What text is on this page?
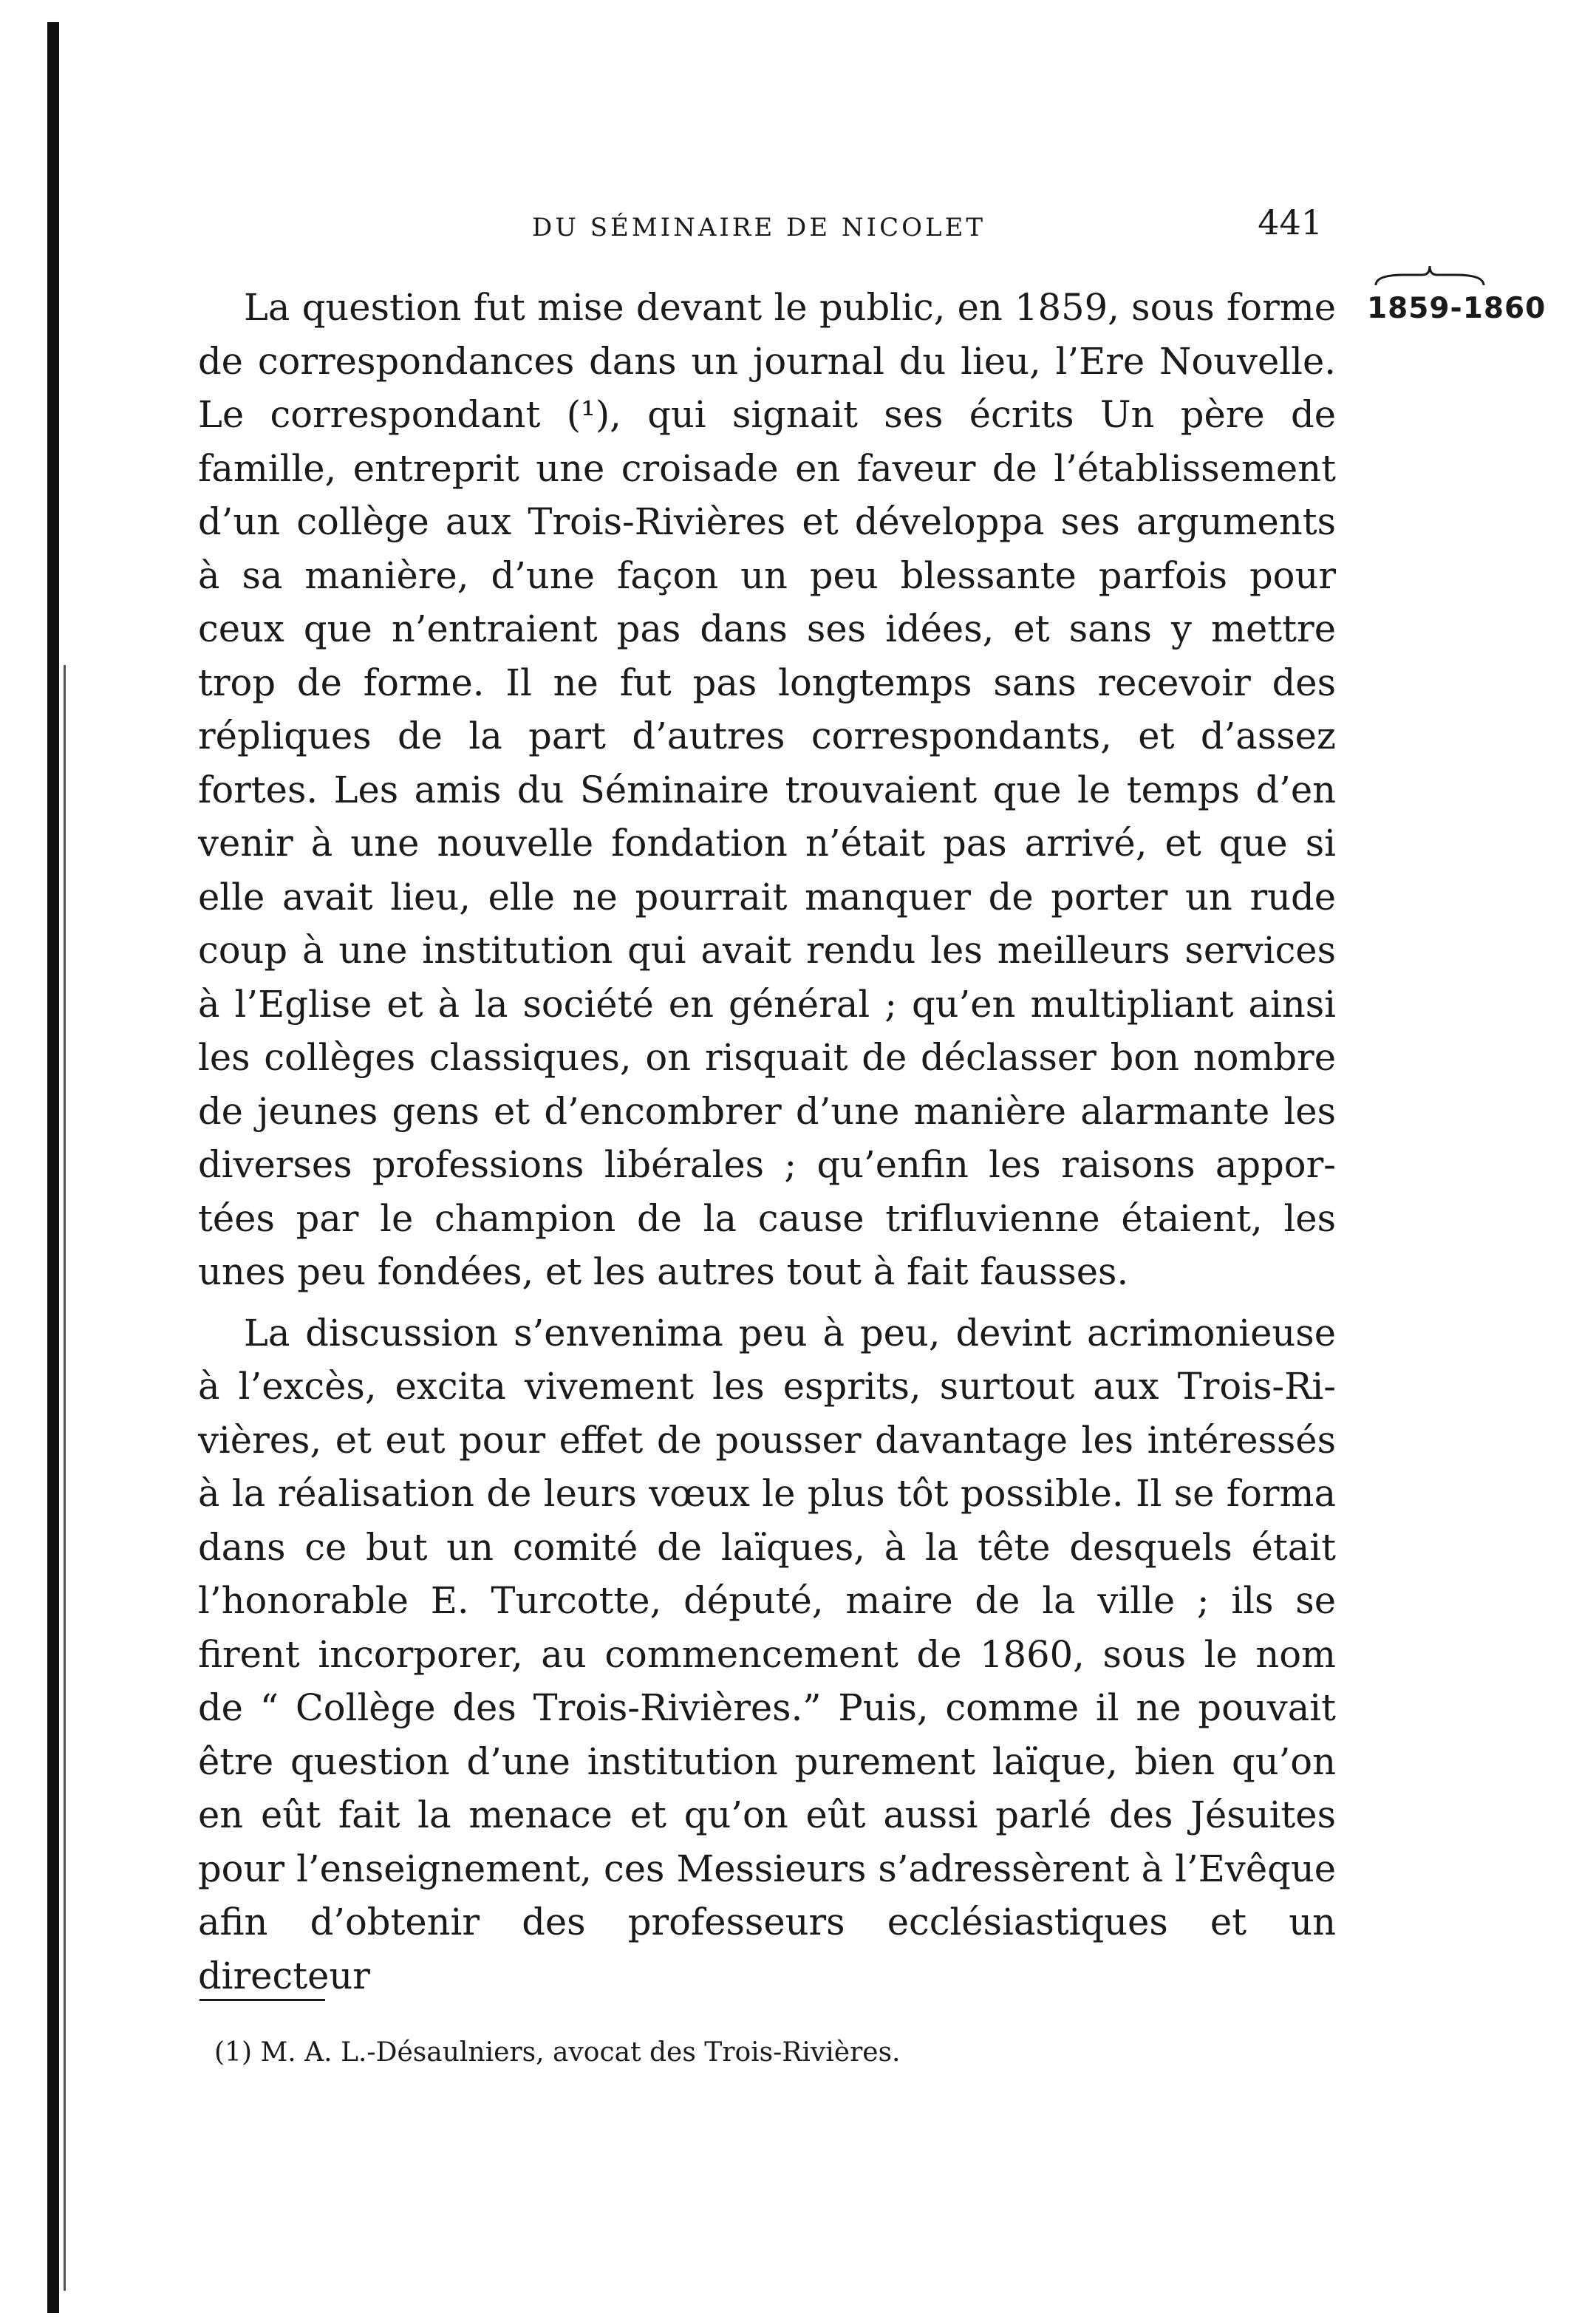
DU SÉMINAIRE DE NICOLET	441
1859-1860

La question fut mise devant le public, en 1859, sous forme de correspondances dans un journal du lieu, l’Ere Nouvelle. Le correspondant (¹), qui signait ses écrits Un père de famille, entreprit une croisade en faveur de l’établissement d’un collège aux Trois-Rivières et développa ses arguments à sa manière, d’une façon un peu blessante parfois pour ceux que n’entraient pas dans ses idées, et sans y mettre trop de forme. Il ne fut pas longtemps sans recevoir des répliques de la part d’autres correspondants, et d’assez fortes. Les amis du Séminaire trouvaient que le temps d’en venir à une nouvelle fondation n’était pas arrivé, et que si elle avait lieu, elle ne pourrait manquer de porter un rude coup à une institution qui avait rendu les meilleurs services à l’Eglise et à la société en général ; qu’en multipliant ainsi les collèges classiques, on risquait de déclasser bon nombre de jeunes gens et d’encombrer d’une manière alarmante les diverses professions libérales ; qu’enfin les raisons apportées par le champion de la cause trifluvienne étaient, les unes peu fondées, et les autres tout à fait fausses.

La discussion s’envenima peu à peu, devint acrimonieuse à l’excès, excita vivement les esprits, surtout aux Trois-Rivières, et eut pour effet de pousser davantage les intéressés à la réalisation de leurs vœux le plus tôt possible. Il se forma dans ce but un comité de laïques, à la tête desquels était l’honorable E. Turcotte, député, maire de la ville ; ils se firent incorporer, au commencement de 1860, sous le nom de “ Collège des Trois-Rivières.” Puis, comme il ne pouvait être question d’une institution purement laïque, bien qu’on en eût fait la menace et qu’on eût aussi parlé des Jésuites pour l’enseignement, ces Messieurs s’adressèrent à l’Evêque afin d’obtenir des professeurs ecclésiastiques et un directeur

(1) M. A. L.-Désaulniers, avocat des Trois-Rivières.
